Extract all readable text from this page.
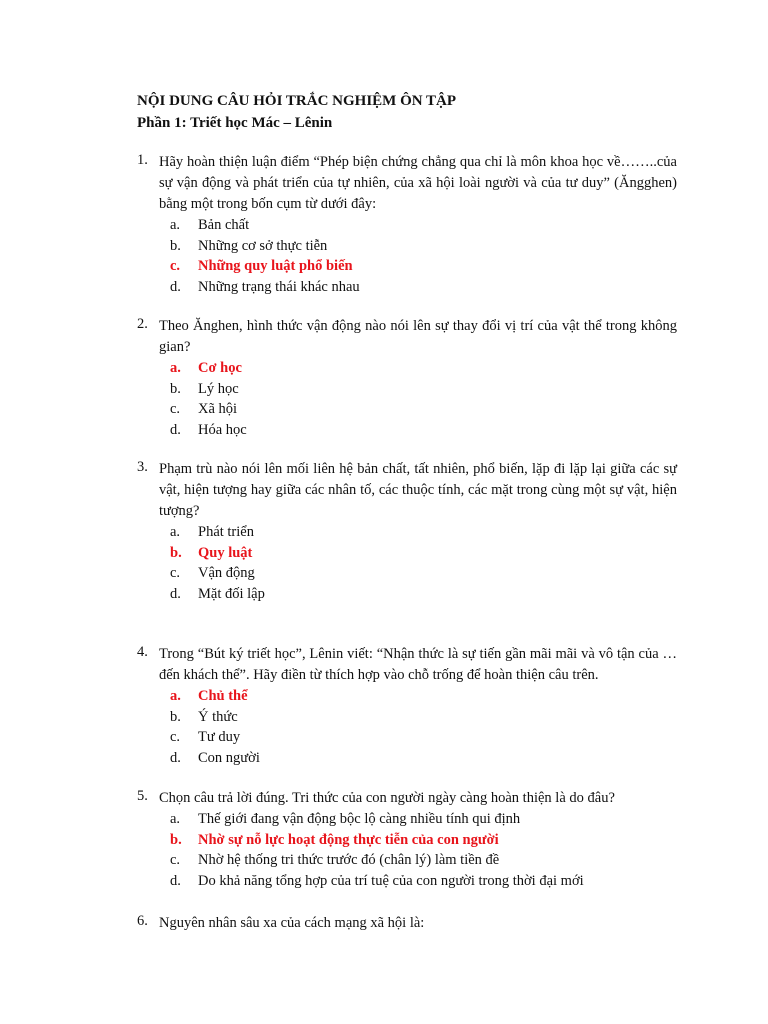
NỘI DUNG CÂU HỎI TRẮC NGHIỆM ÔN TẬP
Phần 1: Triết học Mác – Lênin
1. Hãy hoàn thiện luận điểm “Phép biện chứng chẳng qua chỉ là môn khoa học về……..của sự vận động và phát triển của tự nhiên, của xã hội loài người và của tư duy” (Ăngghen) bằng một trong bốn cụm từ dưới đây:
a. Bản chất
b. Những cơ sở thực tiễn
c. Những quy luật phổ biến
d. Những trạng thái khác nhau
2. Theo Ănghen, hình thức vận động nào nói lên sự thay đổi vị trí của vật thể trong không gian?
a. Cơ học
b. Lý học
c. Xã hội
d. Hóa học
3. Phạm trù nào nói lên mối liên hệ bản chất, tất nhiên, phổ biến, lặp đi lặp lại giữa các sự vật, hiện tượng hay giữa các nhân tố, các thuộc tính, các mặt trong cùng một sự vật, hiện tượng?
a. Phát triển
b. Quy luật
c. Vận động
d. Mặt đối lập
4. Trong “Bút ký triết học”, Lênin viết: “Nhận thức là sự tiến gần mãi mãi và vô tận của … đến khách thể”. Hãy điền từ thích hợp vào chỗ trống để hoàn thiện câu trên.
a. Chủ thể
b. Ý thức
c. Tư duy
d. Con người
5. Chọn câu trả lời đúng. Tri thức của con người ngày càng hoàn thiện là do đâu?
a. Thế giới đang vận động bộc lộ càng nhiều tính qui định
b. Nhờ sự nỗ lực hoạt động thực tiễn của con người
c. Nhờ hệ thống tri thức trước đó (chân lý) làm tiền đề
d. Do khả năng tổng hợp của trí tuệ của con người trong thời đại mới
6. Nguyên nhân sâu xa của cách mạng xã hội là:
